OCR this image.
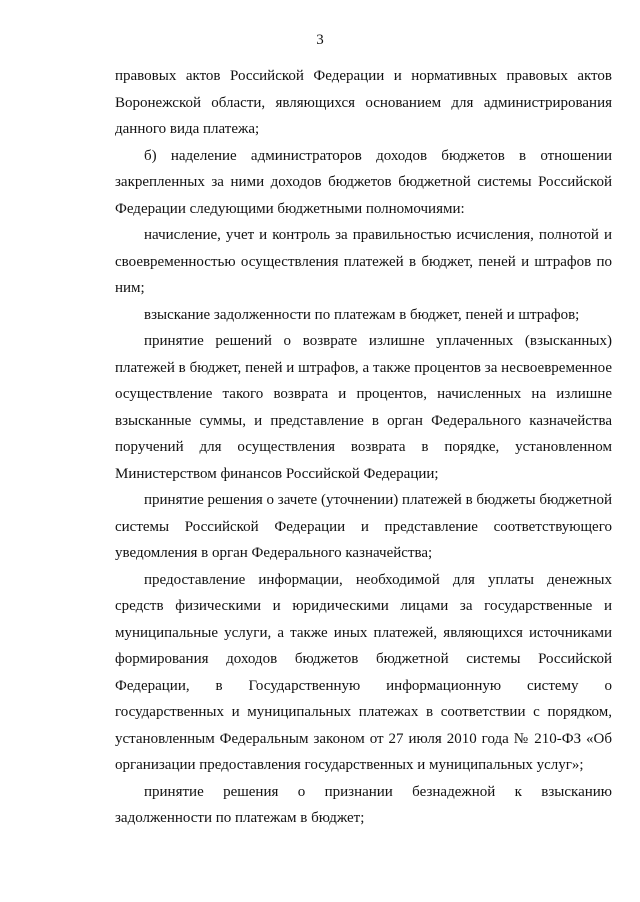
3

правовых актов Российской Федерации и нормативных правовых актов Воронежской области, являющихся основанием для администрирования данного вида платежа;

б) наделение администраторов доходов бюджетов в отношении закрепленных за ними доходов бюджетов бюджетной системы Российской Федерации следующими бюджетными полномочиями:

начисление, учет и контроль за правильностью исчисления, полнотой и своевременностью осуществления платежей в бюджет, пеней и штрафов по ним;

взыскание задолженности по платежам в бюджет, пеней и штрафов;

принятие решений о возврате излишне уплаченных (взысканных) платежей в бюджет, пеней и штрафов, а также процентов за несвоевременное осуществление такого возврата и процентов, начисленных на излишне взысканные суммы, и представление в орган Федерального казначейства поручений для осуществления возврата в порядке, установленном Министерством финансов Российской Федерации;

принятие решения о зачете (уточнении) платежей в бюджеты бюджетной системы Российской Федерации и представление соответствующего уведомления в орган Федерального казначейства;

предоставление информации, необходимой для уплаты денежных средств физическими и юридическими лицами за государственные и муниципальные услуги, а также иных платежей, являющихся источниками формирования доходов бюджетов бюджетной системы Российской Федерации, в Государственную информационную систему о государственных и муниципальных платежах в соответствии с порядком, установленным Федеральным законом от 27 июля 2010 года № 210-ФЗ «Об организации предоставления государственных и муниципальных услуг»;

принятие решения о признании безнадежной к взысканию задолженности по платежам в бюджет;
